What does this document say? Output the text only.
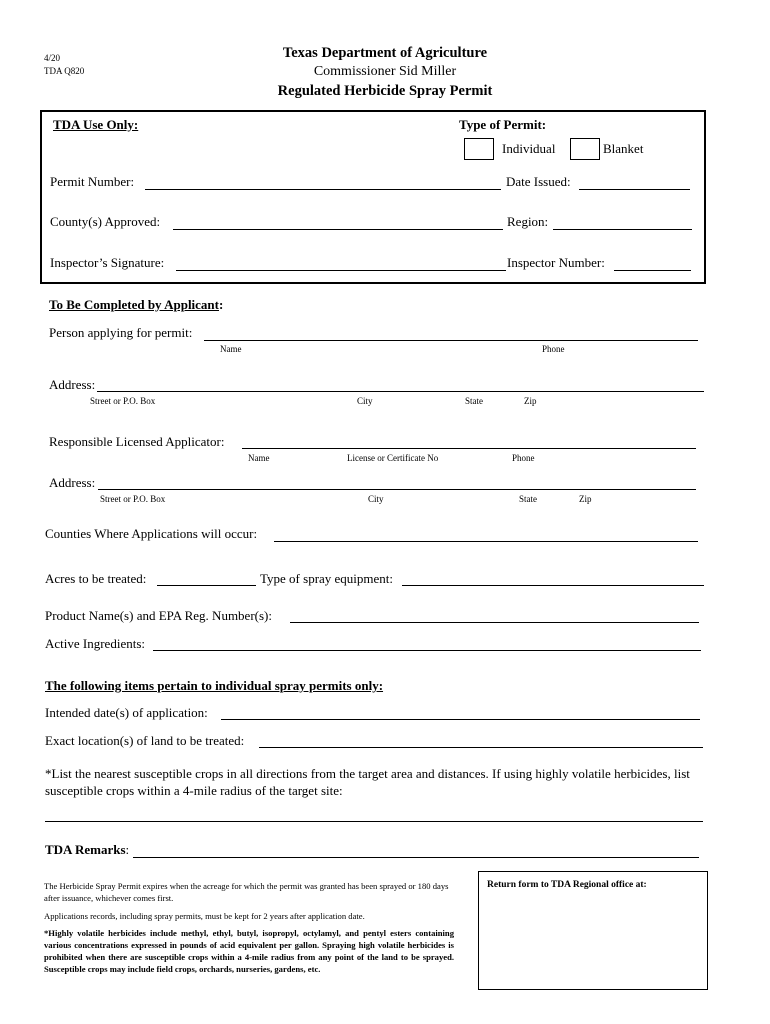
4/20
TDA Q820
Texas Department of Agriculture
Commissioner Sid Miller
Regulated Herbicide Spray Permit
TDA Use Only:	Type of Permit:
Individual	Blanket
Permit Number:	Date Issued:
County(s) Approved:	Region:
Inspector’s Signature:	Inspector Number:
To Be Completed by Applicant:
Person applying for permit:
Name	Phone
Address:
Street or P.O. Box	City	State	Zip
Responsible Licensed Applicator:
Name	License or Certificate No	Phone
Address:
Street or P.O. Box	City	State	Zip
Counties Where Applications will occur:
Acres to be treated:	Type of spray equipment:
Product Name(s) and EPA Reg. Number(s):
Active Ingredients:
The following items pertain to individual spray permits only:
Intended date(s) of application:
Exact location(s) of land to be treated:
*List the nearest susceptible crops in all directions from the target area and distances. If using highly volatile herbicides, list susceptible crops within a 4-mile radius of the target site:
TDA Remarks:
The Herbicide Spray Permit expires when the acreage for which the permit was granted has been sprayed or 180 days after issuance, whichever comes first.
Applications records, including spray permits, must be kept for 2 years after application date.
*Highly volatile herbicides include methyl, ethyl, butyl, isopropyl, octylamyl, and pentyl esters containing various concentrations expressed in pounds of acid equivalent per gallon. Spraying high volatile herbicides is prohibited when there are susceptible crops within a 4-mile radius from any point of the land to be sprayed. Susceptible crops may include field crops, orchards, nurseries, gardens, etc.
Return form to TDA Regional office at:
